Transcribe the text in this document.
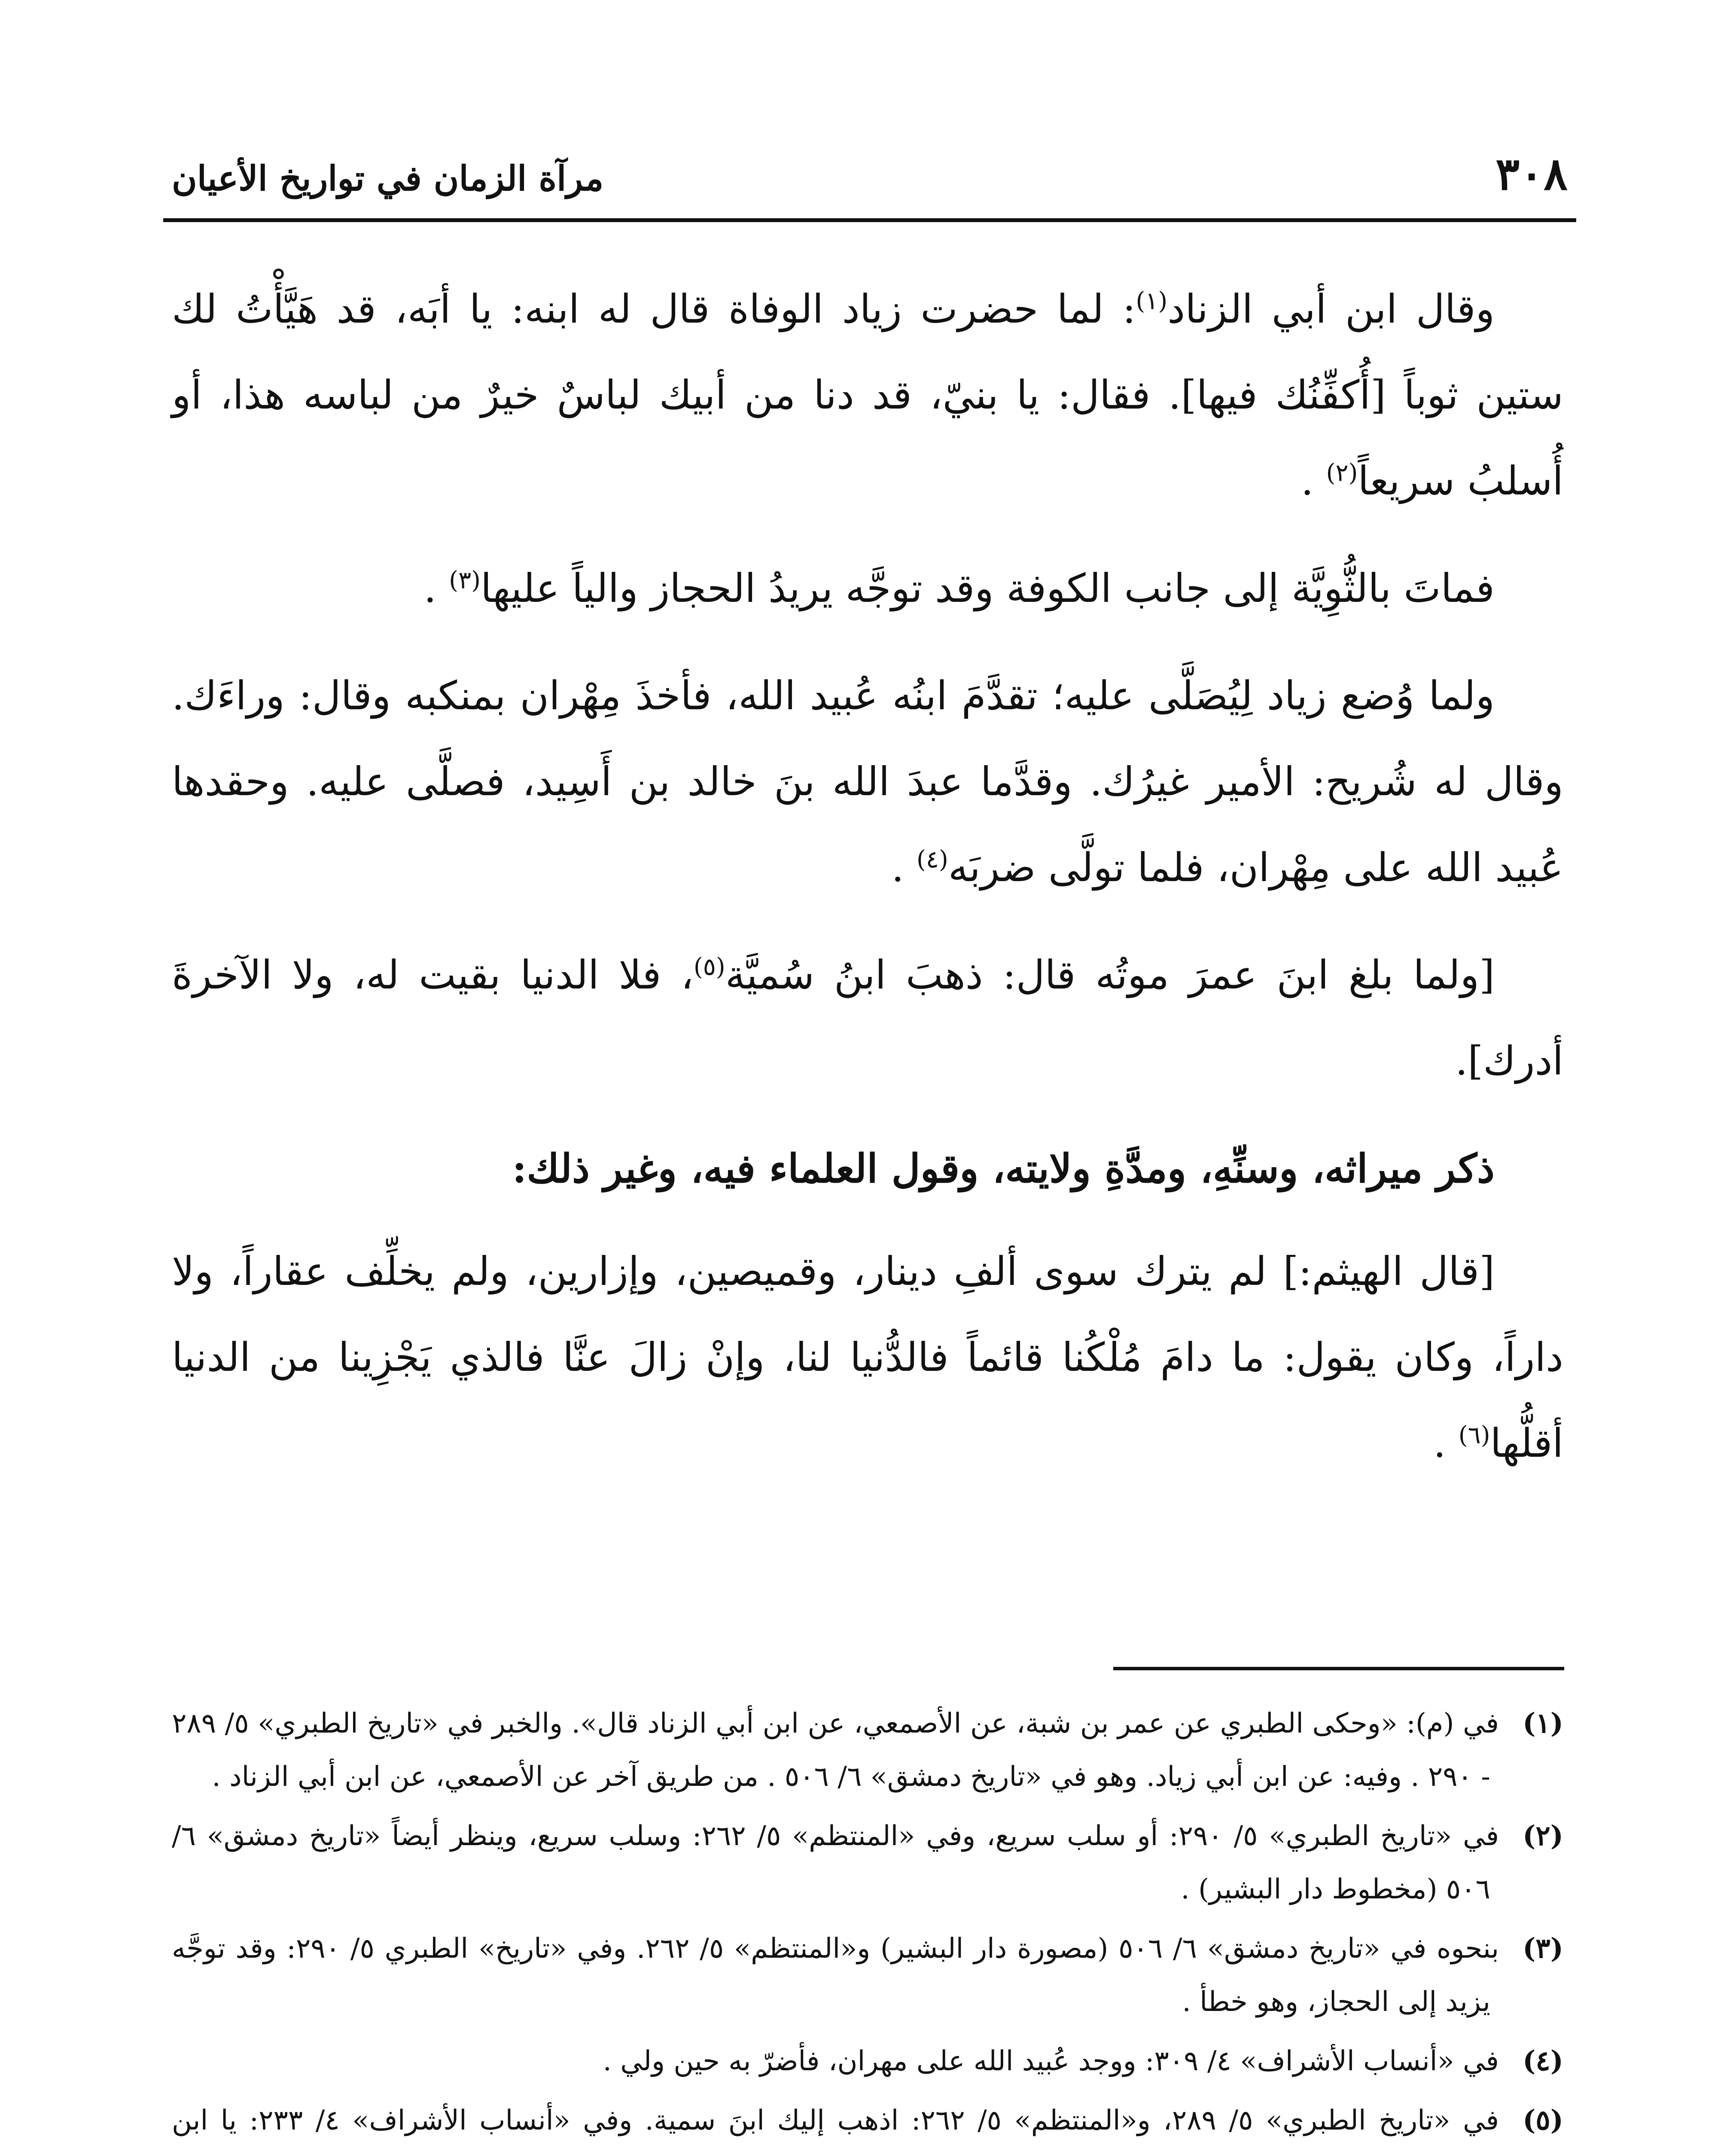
٣٠٨
مرآة الزمان في تواريخ الأعيان

وقال ابن أبي الزناد$^{(١)}$: لما حضرت زياد الوفاة قال له ابنه: يا أبَه، قد هَيَّأْتُ لك ستين ثوباً [أُكفِّنُك فيها]. فقال: يا بنيّ، قد دنا من أبيك لباسٌ خيرٌ من لباسه هذا، أو أُسلبُ سريعاً$^{(٢)}$ .

فماتَ بالثُّوِيَّة إلى جانب الكوفة وقد توجَّه يريدُ الحجاز والياً عليها$^{(٣)}$ .

ولما وُضع زياد لِيُصَلَّى عليه؛ تقدَّمَ ابنُه عُبيد الله، فأخذَ مِهْران بمنكبه وقال: وراءَك. وقال له شُريح: الأمير غيرُك. وقدَّما عبدَ الله بنَ خالد بن أَسِيد، فصلَّى عليه. وحقدها عُبيد الله على مِهْران، فلما تولَّى ضربَه$^{(٤)}$ .

[ولما بلغ ابنَ عمرَ موتُه قال: ذهبَ ابنُ سُميَّة$^{(٥)}$، فلا الدنيا بقيت له، ولا الآخرةَ أدرك].

ذكر ميراثه، وسنِّهِ، ومدَّةِ ولايته، وقول العلماء فيه، وغير ذلك:

[قال الهيثم:] لم يترك سوى ألفِ دينار، وقميصين، وإزارين، ولم يخلِّف عقاراً، ولا داراً، وكان يقول: ما دامَ مُلْكُنا قائماً فالدُّنيا لنا، وإنْ زالَ عنَّا فالذي يَجْزِينا من الدنيا أقلُّها$^{(٦)}$ .

(١)في (م): «وحكى الطبري عن عمر بن شبة، عن الأصمعي، عن ابن أبي الزناد قال». والخبر في «تاريخ الطبري» ٥/ ٢٨٩ - ٢٩٠ . وفيه: عن ابن أبي زياد. وهو في «تاريخ دمشق» ٦/ ٥٠٦ . من طريق آخر عن الأصمعي، عن ابن أبي الزناد .

(٢)في «تاريخ الطبري» ٥/ ٢٩٠: أو سلب سريع، وفي «المنتظم» ٥/ ٢٦٢: وسلب سريع، وينظر أيضاً «تاريخ دمشق» ٦/ ٥٠٦ (مخطوط دار البشير) .

(٣)بنحوه في «تاريخ دمشق» ٦/ ٥٠٦ (مصورة دار البشير) و«المنتظم» ٥/ ٢٦٢. وفي «تاريخ» الطبري ٥/ ٢٩٠: وقد توجَّه يزيد إلى الحجاز، وهو خطأ .

(٤)في «أنساب الأشراف» ٤/ ٣٠٩: ووجد عُبيد الله على مهران، فأضرّ به حين ولي .

(٥)في «تاريخ الطبري» ٥/ ٢٨٩، و«المنتظم» ٥/ ٢٦٢: اذهب إليك ابنَ سمية. وفي «أنساب الأشراف» ٤/ ٢٣٣: يا ابن
